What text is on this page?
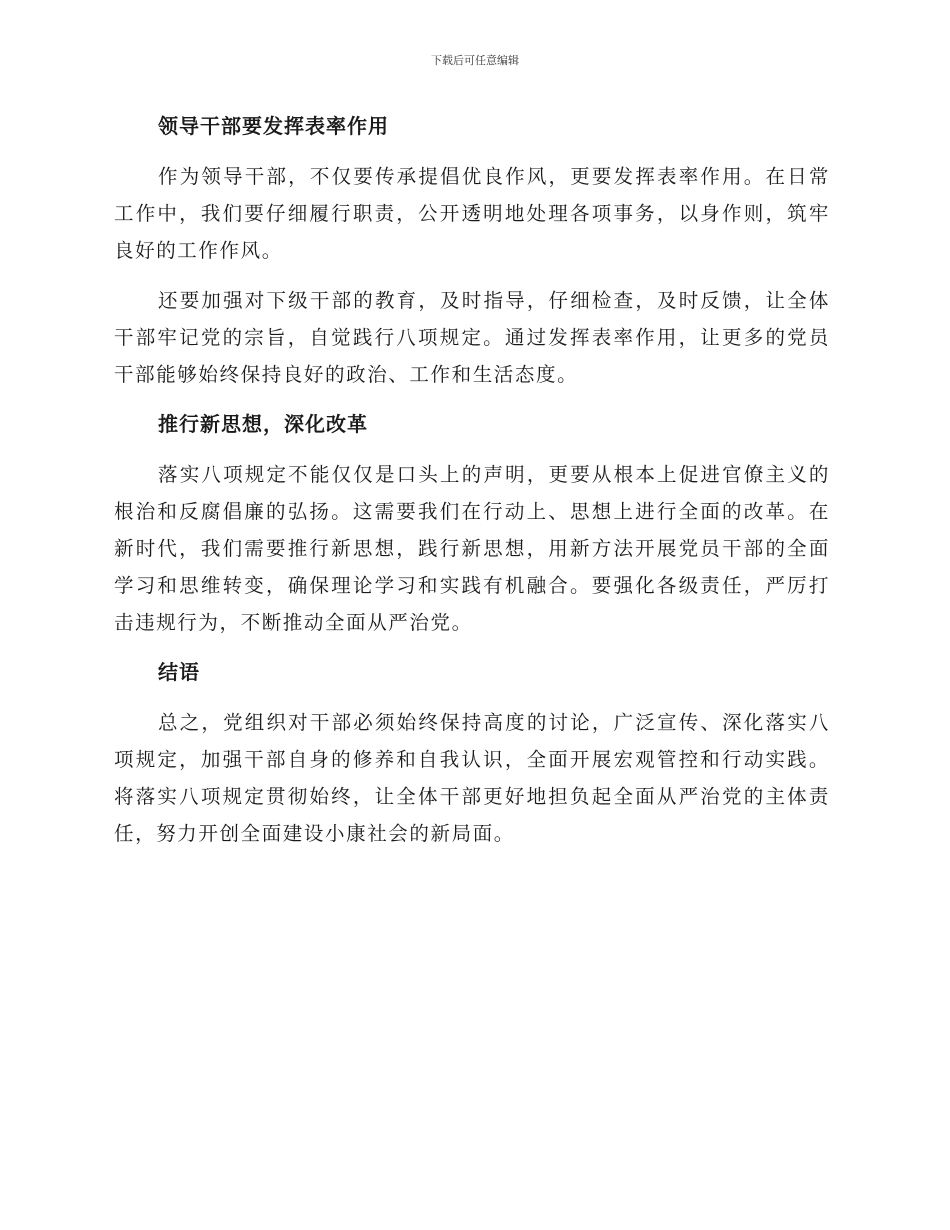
下载后可任意编辑
领导干部要发挥表率作用

作为领导干部，不仅要传承提倡优良作风，更要发挥表率作用。在日常工作中，我们要仔细履行职责，公开透明地处理各项事务，以身作则，筑牢良好的工作作风。

还要加强对下级干部的教育，及时指导，仔细检查，及时反馈，让全体干部牢记党的宗旨，自觉践行八项规定。通过发挥表率作用，让更多的党员干部能够始终保持良好的政治、工作和生活态度。

推行新思想，深化改革

落实八项规定不能仅仅是口头上的声明，更要从根本上促进官僚主义的根治和反腐倡廉的弘扬。这需要我们在行动上、思想上进行全面的改革。在新时代，我们需要推行新思想，践行新思想，用新方法开展党员干部的全面学习和思维转变，确保理论学习和实践有机融合。要强化各级责任，严厉打击违规行为，不断推动全面从严治党。

结语

总之，党组织对干部必须始终保持高度的讨论，广泛宣传、深化落实八项规定，加强干部自身的修养和自我认识，全面开展宏观管控和行动实践。将落实八项规定贯彻始终，让全体干部更好地担负起全面从严治党的主体责任，努力开创全面建设小康社会的新局面。
